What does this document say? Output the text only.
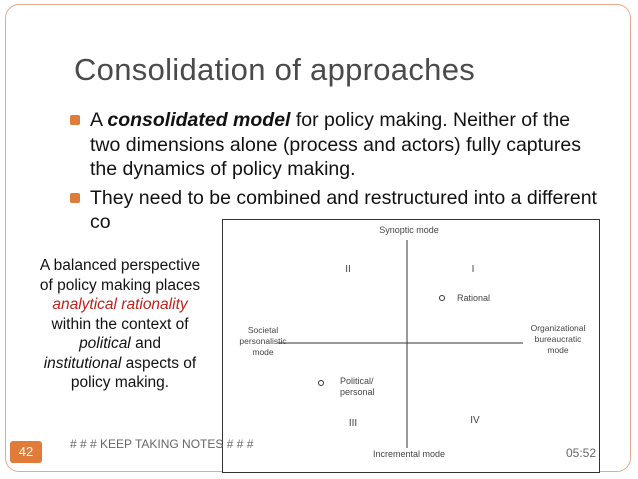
Consolidation of approaches
A consolidated model for policy making. Neither of the two dimensions alone (process and actors) fully captures the dynamics of policy making.
They need to be combined and restructured into a different co
A balanced perspective of policy making places
analytical rationality
within the context of
political and
institutional aspects of policy making.
Synoptic mode
Incremental mode
Societal
personalistic
mode
Organizational
bureaucratic
mode
II	I
III	IV
Rational
Political/
personal
42	# # # KEEP TAKING NOTES # # #
05:52
